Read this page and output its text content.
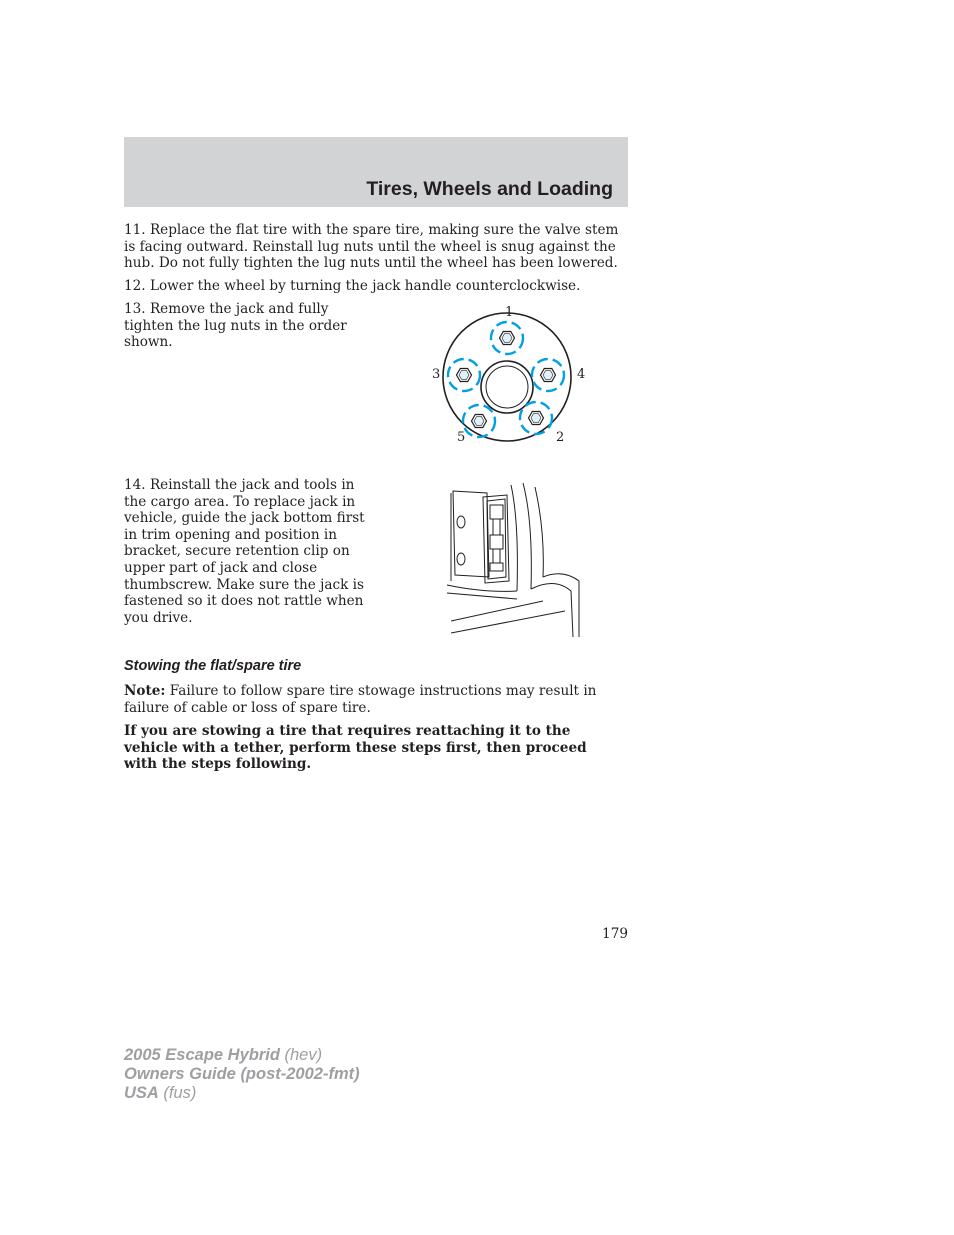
Tires, Wheels and Loading

11. Replace the flat tire with the spare tire, making sure the valve stem is facing outward. Reinstall lug nuts until the wheel is snug against the hub. Do not fully tighten the lug nuts until the wheel has been lowered.

12. Lower the wheel by turning the jack handle counterclockwise.

13. Remove the jack and fully tighten the lug nuts in the order shown.

1
4
2
5
3

14. Reinstall the jack and tools in the cargo area. To replace jack in vehicle, guide the jack bottom first in trim opening and position in bracket, secure retention clip on upper part of jack and close thumbscrew. Make sure the jack is fastened so it does not rattle when you drive.

Stowing the flat/spare tire

Note: Failure to follow spare tire stowage instructions may result in failure of cable or loss of spare tire.

If you are stowing a tire that requires reattaching it to the vehicle with a tether, perform these steps first, then proceed with the steps following.

179
2005 Escape Hybrid (hev)
Owners Guide (post-2002-fmt)
USA (fus)
